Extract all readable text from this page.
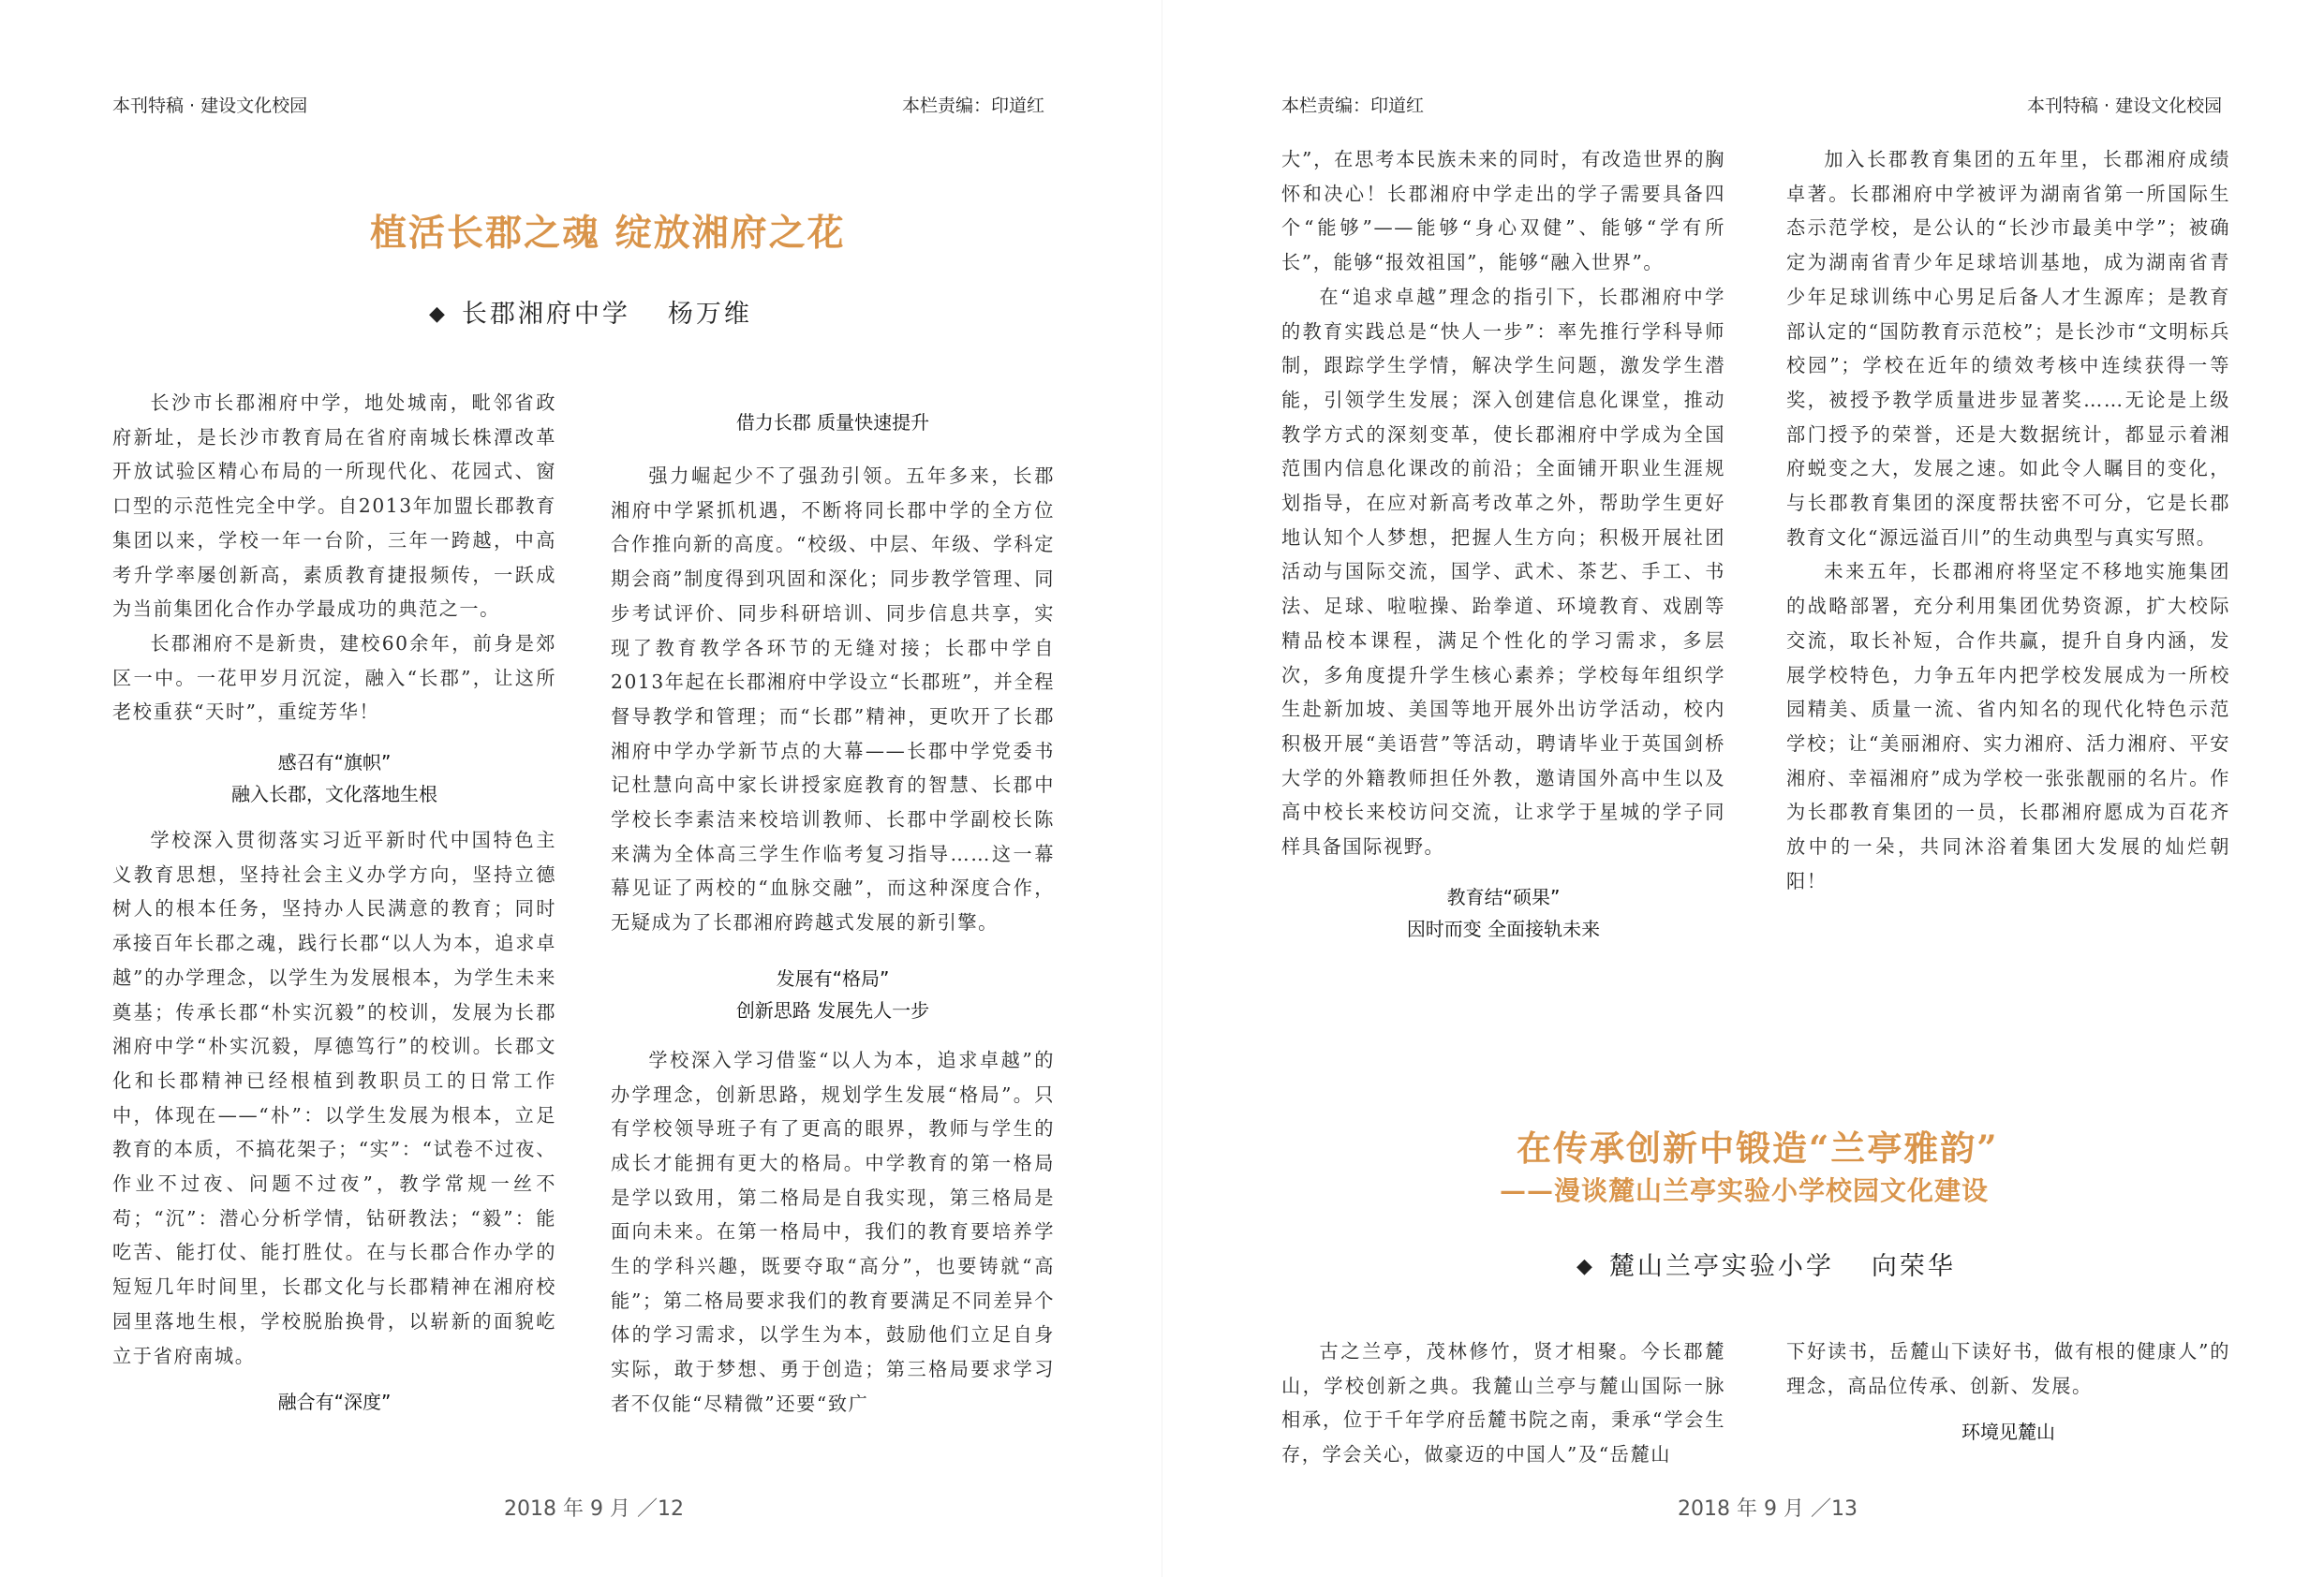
本刊特稿 · 建设文化校园	本栏责编：印道红
植活长郡之魂 绽放湘府之花
◆ 长郡湘府中学 杨万维

长沙市长郡湘府中学，地处城南，毗邻省政府新址，是长沙市教育局在省府南城长株潭改革开放试验区精心布局的一所现代化、花园式、窗口型的示范性完全中学。自2013年加盟长郡教育集团以来，学校一年一台阶，三年一跨越，中高考升学率屡创新高，素质教育捷报频传，一跃成为当前集团化合作办学最成功的典范之一。

长郡湘府不是新贵，建校60余年，前身是郊区一中。一花甲岁月沉淀，融入“长郡”，让这所老校重获“天时”，重绽芳华！

感召有“旗帜”
融入长郡，文化落地生根

学校深入贯彻落实习近平新时代中国特色主义教育思想，坚持社会主义办学方向，坚持立德树人的根本任务，坚持办人民满意的教育；同时承接百年长郡之魂，践行长郡“以人为本，追求卓越”的办学理念，以学生为发展根本，为学生未来奠基；传承长郡“朴实沉毅”的校训，发展为长郡湘府中学“朴实沉毅，厚德笃行”的校训。长郡文化和长郡精神已经根植到教职员工的日常工作中，体现在——“朴”：以学生发展为根本，立足教育的本质，不搞花架子；“实”：“试卷不过夜、作业不过夜、问题不过夜”，教学常规一丝不苟；“沉”：潜心分析学情，钻研教法；“毅”：能吃苦、能打仗、能打胜仗。在与长郡合作办学的短短几年时间里，长郡文化与长郡精神在湘府校园里落地生根，学校脱胎换骨，以崭新的面貌屹立于省府南城。

融合有“深度”
借力长郡 质量快速提升

强力崛起少不了强劲引领。五年多来，长郡湘府中学紧抓机遇，不断将同长郡中学的全方位合作推向新的高度。“校级、中层、年级、学科定期会商”制度得到巩固和深化；同步教学管理、同步考试评价、同步科研培训、同步信息共享，实现了教育教学各环节的无缝对接；长郡中学自2013年起在长郡湘府中学设立“长郡班”，并全程督导教学和管理；而“长郡”精神，更吹开了长郡湘府中学办学新节点的大幕——长郡中学党委书记杜慧向高中家长讲授家庭教育的智慧、长郡中学校长李素洁来校培训教师、长郡中学副校长陈来满为全体高三学生作临考复习指导……这一幕幕见证了两校的“血脉交融”，而这种深度合作，无疑成为了长郡湘府跨越式发展的新引擎。

发展有“格局”
创新思路 发展先人一步

学校深入学习借鉴“以人为本，追求卓越”的办学理念，创新思路，规划学生发展“格局”。只有学校领导班子有了更高的眼界，教师与学生的成长才能拥有更大的格局。中学教育的第一格局是学以致用，第二格局是自我实现，第三格局是面向未来。在第一格局中，我们的教育要培养学生的学科兴趣，既要夺取“高分”，也要铸就“高能”；第二格局要求我们的教育要满足不同差异个体的学习需求，以学生为本，鼓励他们立足自身实际，敢于梦想、勇于创造；第三格局要求学习者不仅能“尽精微”还要“致广

2018 年 9 月 ／12
本栏责编：印道红	本刊特稿 · 建设文化校园

大”，在思考本民族未来的同时，有改造世界的胸怀和决心！长郡湘府中学走出的学子需要具备四个“能够”——能够“身心双健”、能够“学有所长”，能够“报效祖国”，能够“融入世界”。

在“追求卓越”理念的指引下，长郡湘府中学的教育实践总是“快人一步”：率先推行学科导师制，跟踪学生学情，解决学生问题，激发学生潜能，引领学生发展；深入创建信息化课堂，推动教学方式的深刻变革，使长郡湘府中学成为全国范围内信息化课改的前沿；全面铺开职业生涯规划指导，在应对新高考改革之外，帮助学生更好地认知个人梦想，把握人生方向；积极开展社团活动与国际交流，国学、武术、茶艺、手工、书法、足球、啦啦操、跆拳道、环境教育、戏剧等精品校本课程，满足个性化的学习需求，多层次，多角度提升学生核心素养；学校每年组织学生赴新加坡、美国等地开展外出访学活动，校内积极开展“美语营”等活动，聘请毕业于英国剑桥大学的外籍教师担任外教，邀请国外高中生以及高中校长来校访问交流，让求学于星城的学子同样具备国际视野。

教育结“硕果”
因时而变 全面接轨未来

加入长郡教育集团的五年里，长郡湘府成绩卓著。长郡湘府中学被评为湖南省第一所国际生态示范学校，是公认的“长沙市最美中学”；被确定为湖南省青少年足球培训基地，成为湖南省青少年足球训练中心男足后备人才生源库；是教育部认定的“国防教育示范校”；是长沙市“文明标兵校园”；学校在近年的绩效考核中连续获得一等奖，被授予教学质量进步显著奖……无论是上级部门授予的荣誉，还是大数据统计，都显示着湘府蜕变之大，发展之速。如此令人瞩目的变化，与长郡教育集团的深度帮扶密不可分，它是长郡教育文化“源远溢百川”的生动典型与真实写照。

未来五年，长郡湘府将坚定不移地实施集团的战略部署，充分利用集团优势资源，扩大校际交流，取长补短，合作共赢，提升自身内涵，发展学校特色，力争五年内把学校发展成为一所校园精美、质量一流、省内知名的现代化特色示范学校；让“美丽湘府、实力湘府、活力湘府、平安湘府、幸福湘府”成为学校一张张靓丽的名片。作为长郡教育集团的一员，长郡湘府愿成为百花齐放中的一朵，共同沐浴着集团大发展的灿烂朝阳！

在传承创新中锻造“兰亭雅韵”
——漫谈麓山兰亭实验小学校园文化建设
◆ 麓山兰亭实验小学 向荣华

古之兰亭，茂林修竹，贤才相聚。今长郡麓山，学校创新之典。我麓山兰亭与麓山国际一脉相承，位于千年学府岳麓书院之南，秉承“学会生存，学会关心，做豪迈的中国人”及“岳麓山

下好读书，岳麓山下读好书，做有根的健康人”的理念，高品位传承、创新、发展。

环境见麓山
2018 年 9 月 ／13
